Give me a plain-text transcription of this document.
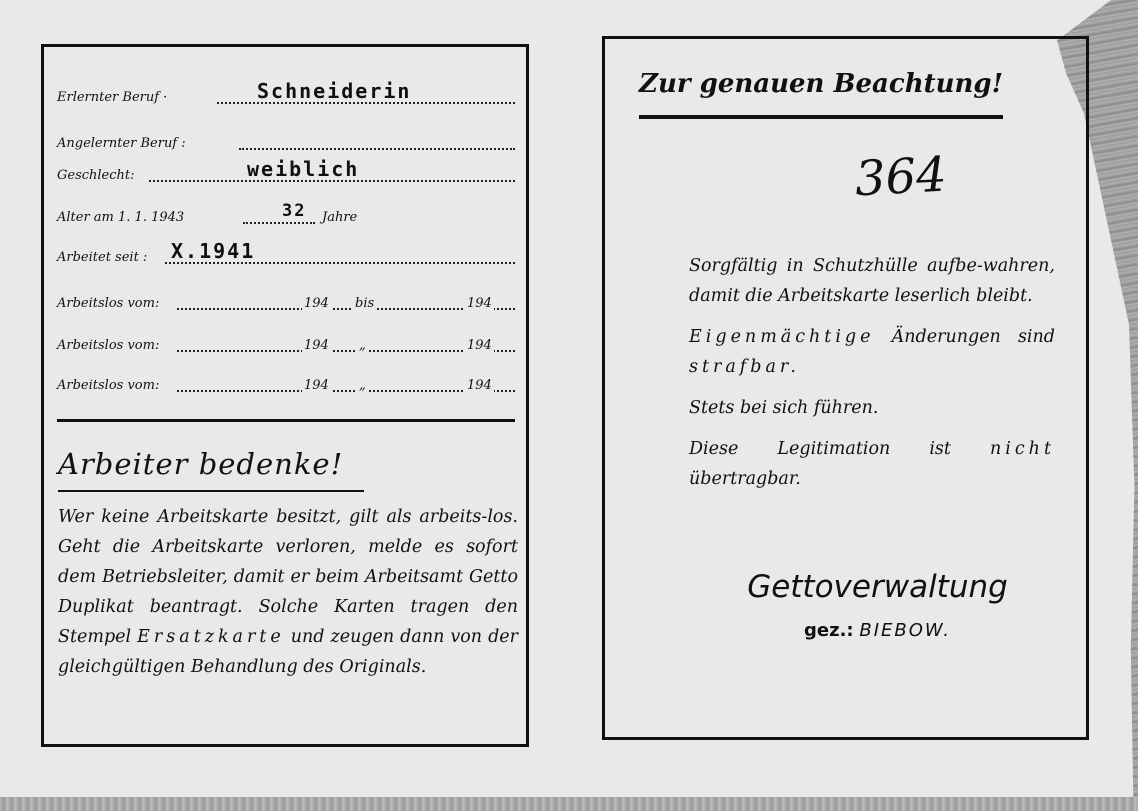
Erlernter Beruf ·	Schneiderin
Angelernter Beruf :
Geschlecht:	weiblich
Alter am 1. 1. 1943	32 Jahre
Arbeitet seit : X.1941
Arbeitslos vom:	194 bis	194
Arbeitslos vom:	194 „	194
Arbeitslos vom:	194 „	194
Arbeiter bedenke!
Wer keine Arbeitskarte besitzt, gilt als arbeits-los. Geht die Arbeitskarte verloren, melde es sofort dem Betriebsleiter, damit er beim Arbeitsamt Getto Duplikat beantragt. Solche Karten tragen den Stempel Ersatzkarte und zeugen dann von der gleichgültigen Behandlung des Originals.
Zur genauen Beachtung!
364

Sorgfältig in Schutzhülle aufbe-wahren, damit die Arbeitskarte leserlich bleibt.

Eigenmächtige Änderungen sind strafbar.

Stets bei sich führen.

Diese Legitimation ist nicht übertragbar.

Gettoverwaltung
gez.: BIEBOW.
